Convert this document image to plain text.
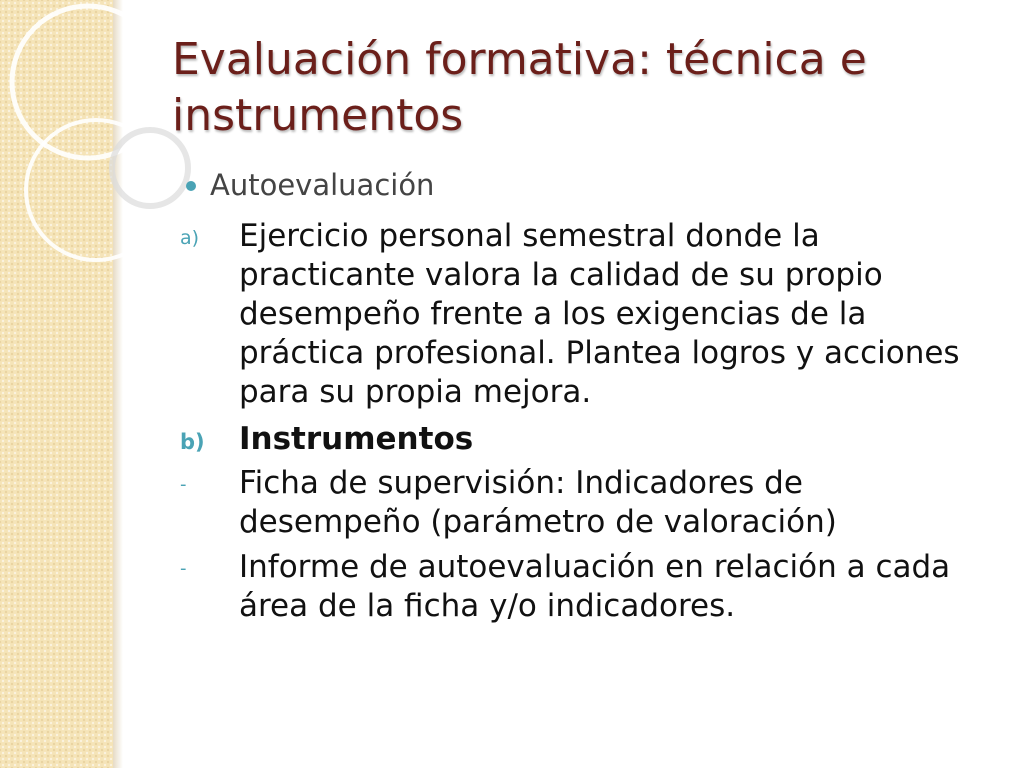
Evaluación formativa: técnica e instrumentos
Autoevaluación
a)	Ejercicio personal semestral donde la practicante valora la calidad de su propio desempeño frente a los exigencias de la práctica profesional. Plantea logros y acciones para su propia mejora.
b)	Instrumentos
-	Ficha de supervisión: Indicadores de desempeño (parámetro de valoración)
-	Informe de autoevaluación en relación a cada área de la ficha y/o indicadores.
